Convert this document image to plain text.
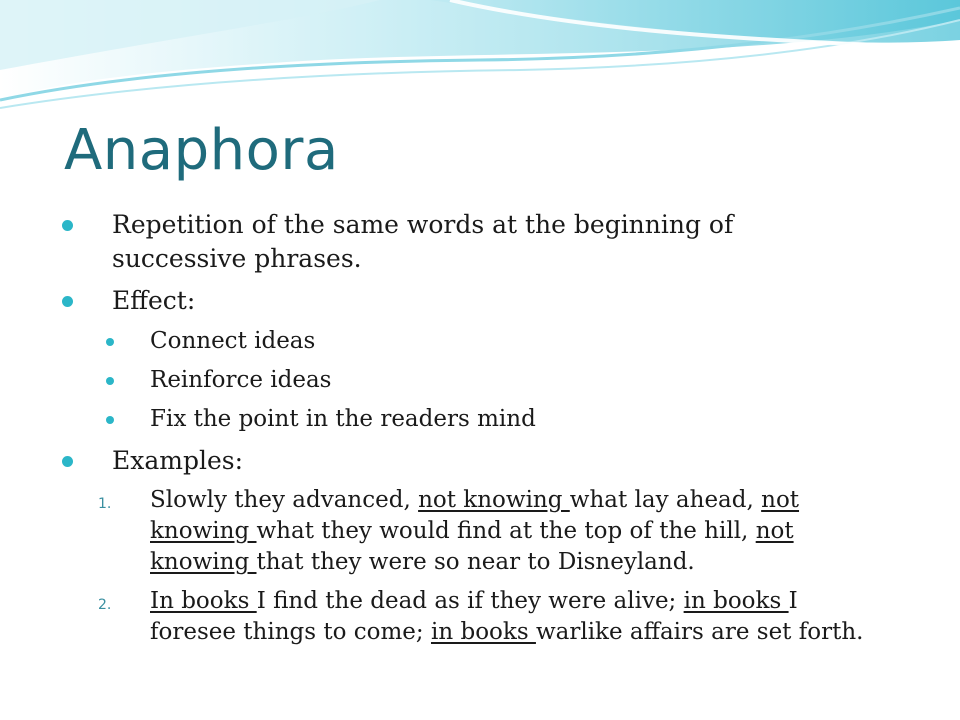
Anaphora
Repetition of the same words at the beginning of
successive phrases.
Effect:
Connect ideas
Reinforce ideas
Fix the point in the readers mind
Examples:
1. Slowly they advanced, not knowing what lay ahead, not
knowing what they would find at the top of the hill, not
knowing that they were so near to Disneyland.
2. In books I find the dead as if they were alive; in books I
foresee things to come; in books warlike affairs are set forth.
